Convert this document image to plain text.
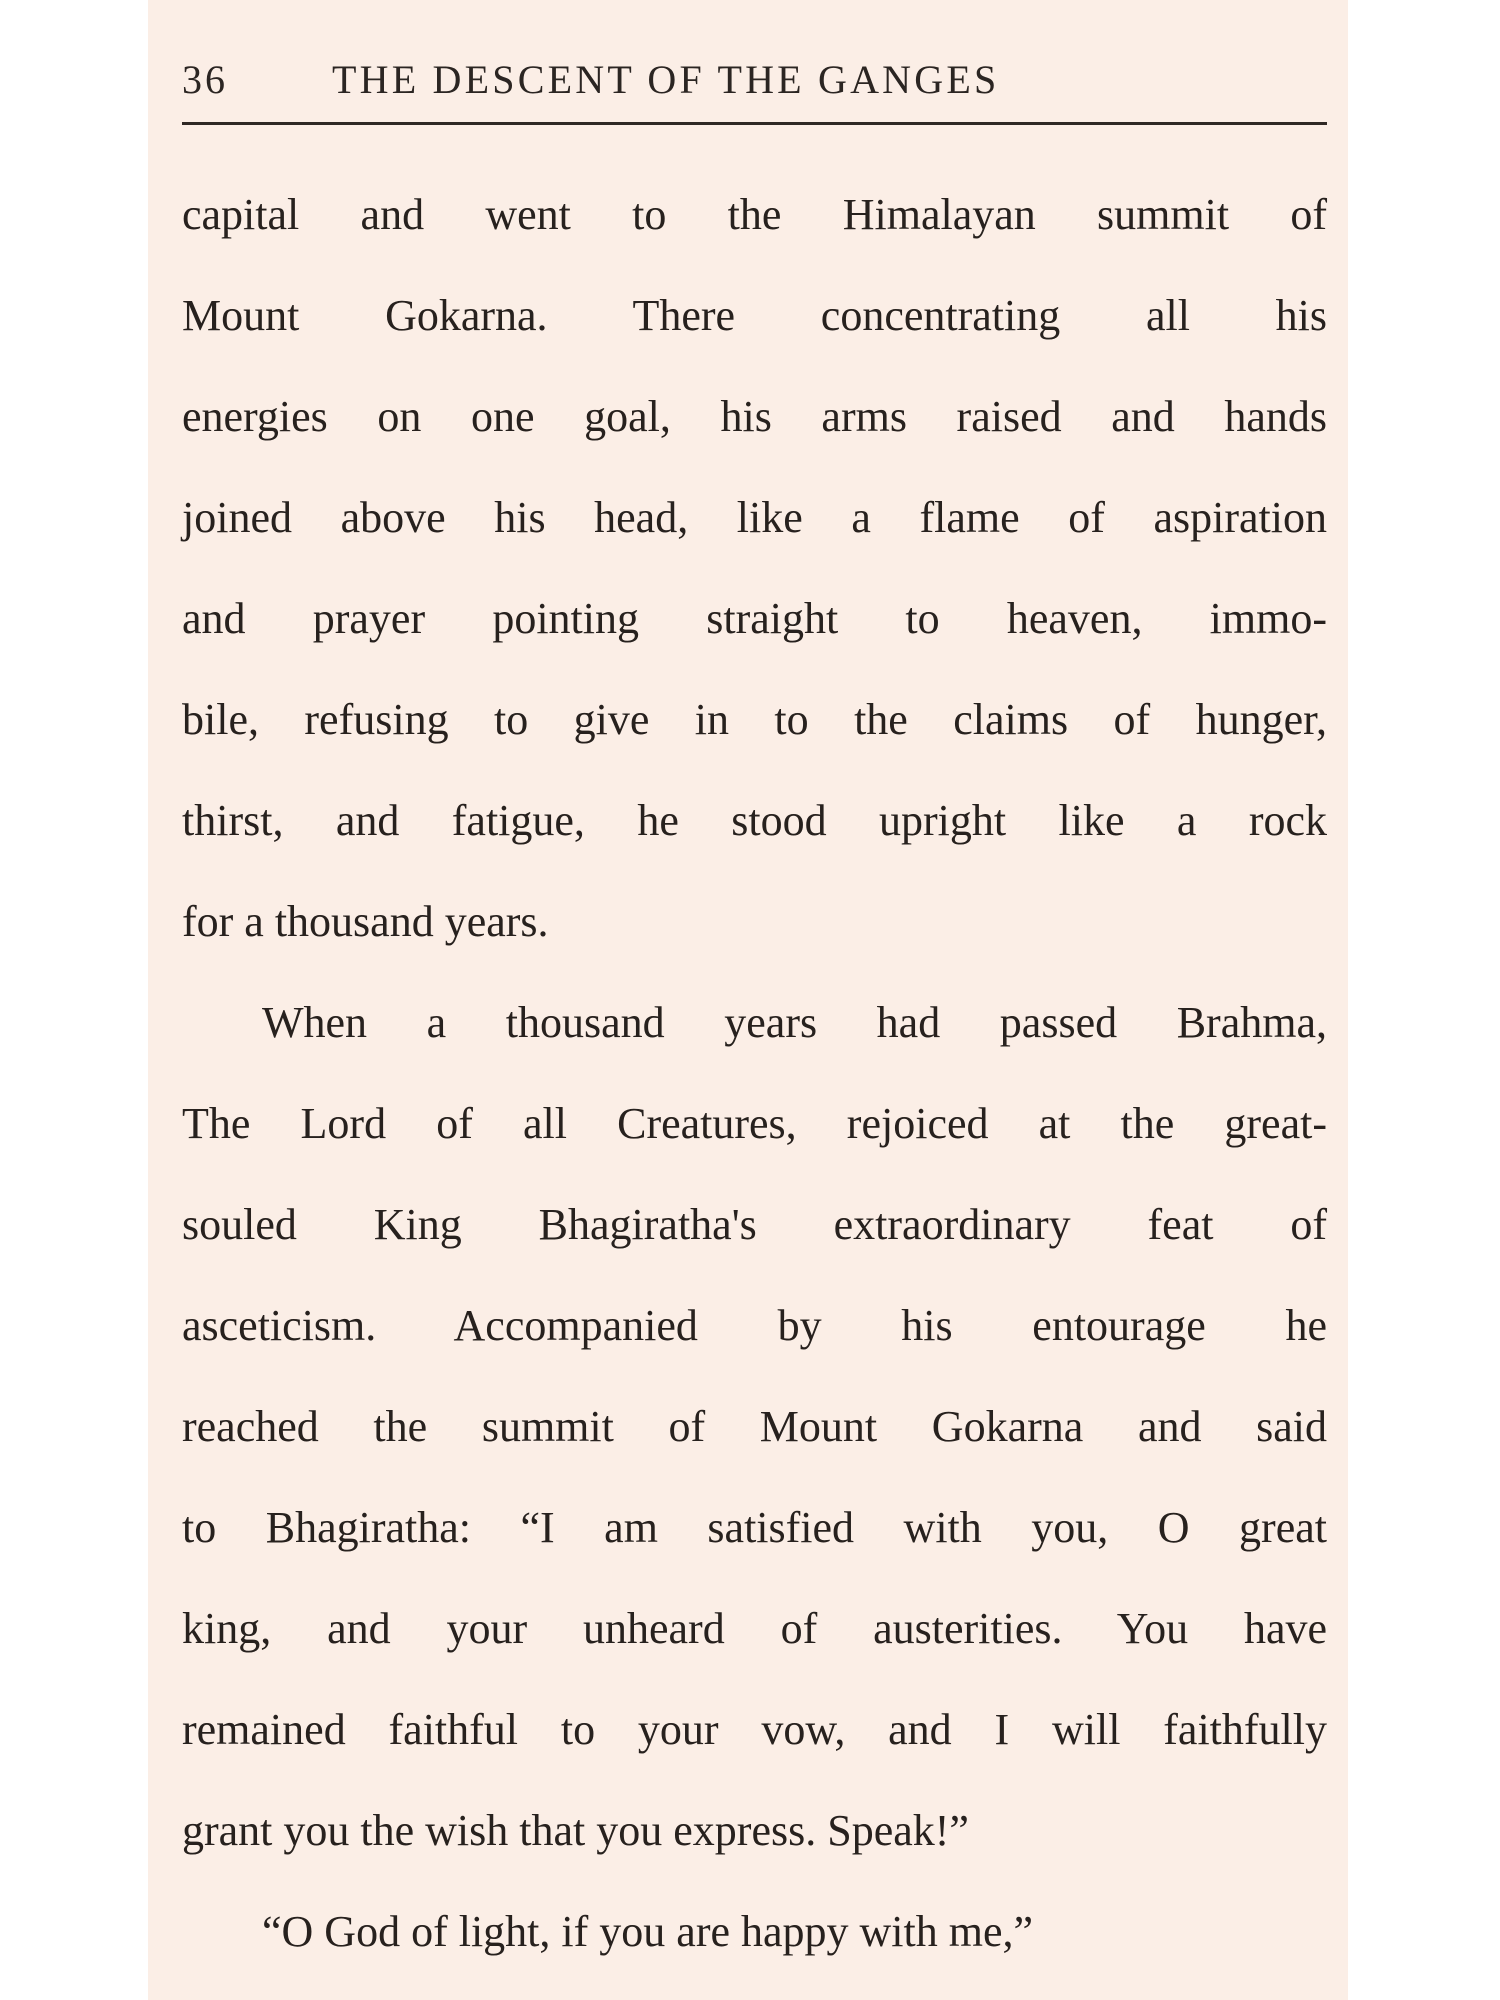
36	THE DESCENT OF THE GANGES
capital and went to the Himalayan summit of
Mount Gokarna. There concentrating all his
energies on one goal, his arms raised and hands
joined above his head, like a flame of aspiration
and prayer pointing straight to heaven, immo-
bile, refusing to give in to the claims of hunger,
thirst, and fatigue, he stood upright like a rock
for a thousand years.
When a thousand years had passed Brahma,
The Lord of all Creatures, rejoiced at the great-
souled King Bhagiratha's extraordinary feat of
asceticism. Accompanied by his entourage he
reached the summit of Mount Gokarna and said
to Bhagiratha: “I am satisfied with you, O great
king, and your unheard of austerities. You have
remained faithful to your vow, and I will faithfully
grant you the wish that you express. Speak!”
“O God of light, if you are happy with me,”
